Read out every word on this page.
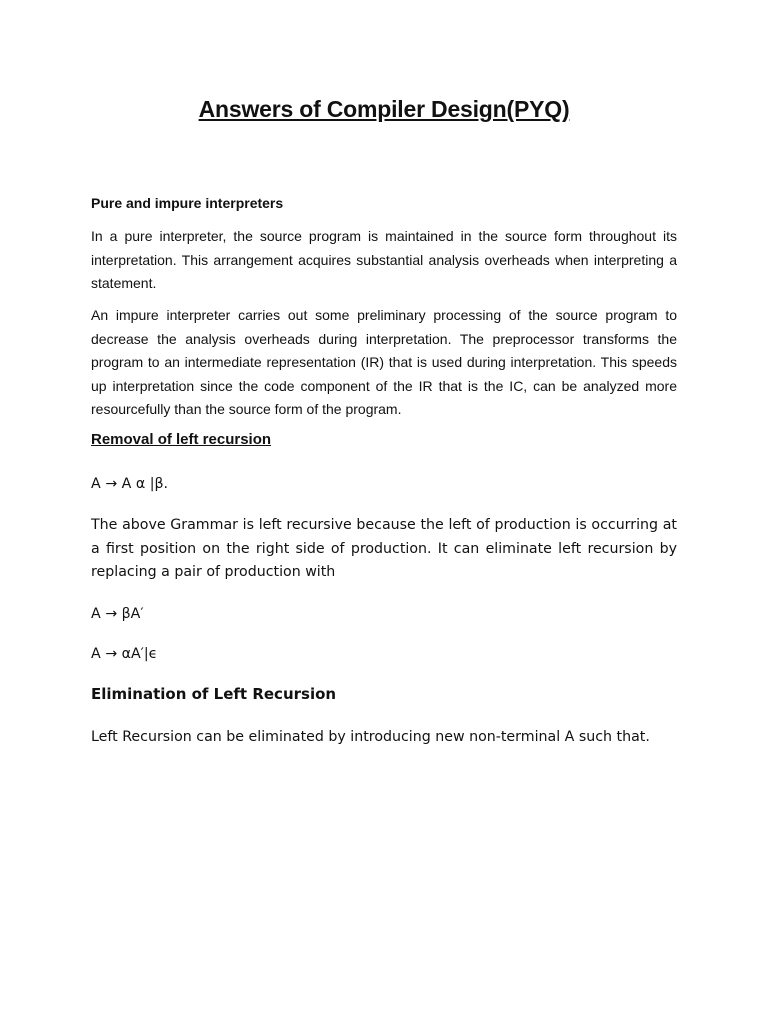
Answers of Compiler Design(PYQ)
Pure and impure interpreters

In a pure interpreter, the source program is maintained in the source form throughout its interpretation. This arrangement acquires substantial analysis overheads when interpreting a statement.

An impure interpreter carries out some preliminary processing of the source program to decrease the analysis overheads during interpretation. The preprocessor transforms the program to an intermediate representation (IR) that is used during interpretation. This speeds up interpretation since the code component of the IR that is the IC, can be analyzed more resourcefully than the source form of the program.

Removal of left recursion
A → A α |β.

The above Grammar is left recursive because the left of production is occurring at a first position on the right side of production. It can eliminate left recursion by replacing a pair of production with

A → βA′
A → αA′|ϵ
Elimination of Left Recursion

Left Recursion can be eliminated by introducing new non-terminal A such that.
